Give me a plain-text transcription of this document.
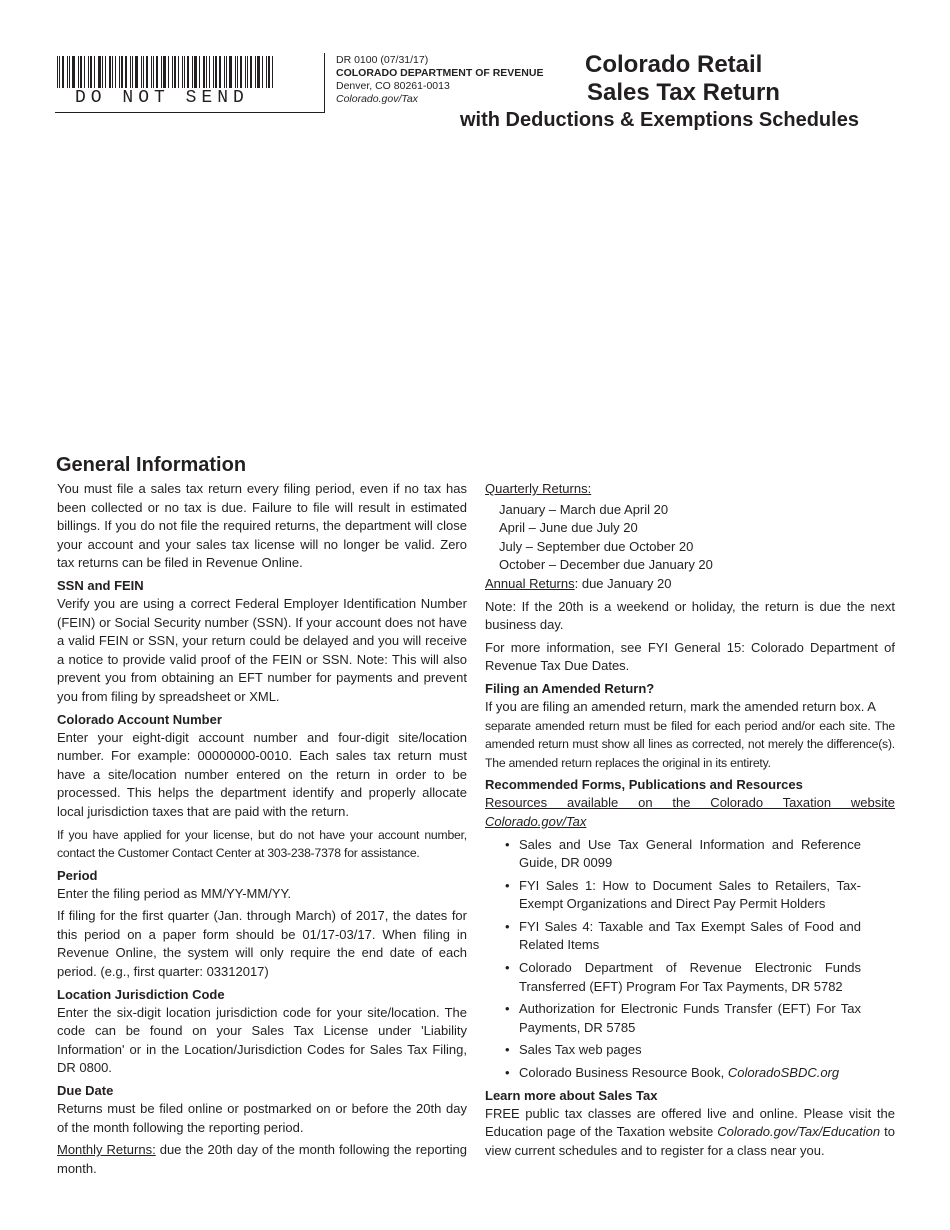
DO NOT SEND
DR 0100 (07/31/17)
COLORADO DEPARTMENT OF REVENUE
Denver, CO 80261-0013
Colorado.gov/Tax
Colorado Retail
Sales Tax Return
with Deductions & Exemptions Schedules
General Information

You must file a sales tax return every filing period, even if no tax has been collected or no tax is due. Failure to file will result in estimated billings. If you do not file the required returns, the department will close your account and your sales tax license will no longer be valid. Zero tax returns can be filed in Revenue Online.

SSN and FEIN

Verify you are using a correct Federal Employer Identification Number (FEIN) or Social Security number (SSN). If your account does not have a valid FEIN or SSN, your return could be delayed and you will receive a notice to provide valid proof of the FEIN or SSN. Note: This will also prevent you from obtaining an EFT number for payments and prevent you from filing by spreadsheet or XML.

Colorado Account Number

Enter your eight-digit account number and four-digit site/location number. For example: 00000000-0010. Each sales tax return must have a site/location number entered on the return in order to be processed. This helps the department identify and properly allocate local jurisdiction taxes that are paid with the return.

If you have applied for your license, but do not have your account number, contact the Customer Contact Center at 303-238-7378 for assistance.

Period

Enter the filing period as MM/YY-MM/YY.

If filing for the first quarter (Jan. through March) of 2017, the dates for this period on a paper form should be 01/17-03/17. When filing in Revenue Online, the system will only require the end date of each period. (e.g., first quarter: 03312017)

Location Jurisdiction Code

Enter the six-digit location jurisdiction code for your site/location. The code can be found on your Sales Tax License under 'Liability Information' or in the Location/Jurisdiction Codes for Sales Tax Filing, DR 0800.

Due Date

Returns must be filed online or postmarked on or before the 20th day of the month following the reporting period.

Monthly Returns: due the 20th day of the month following the reporting month.

Quarterly Returns:

January – March due April 20

April – June due July 20

July – September due October 20

October – December due January 20

Annual Returns: due January 20

Note: If the 20th is a weekend or holiday, the return is due the next business day.

For more information, see FYI General 15: Colorado Department of Revenue Tax Due Dates.

Filing an Amended Return?

If you are filing an amended return, mark the amended return box. A

separate amended return must be filed for each period and/or each site. The amended return must show all lines as corrected, not merely the difference(s). The amended return replaces the original in its entirety.

Recommended Forms, Publications and Resources

Resources available on the Colorado Taxation website

Colorado.gov/Tax

• Sales and Use Tax General Information and Reference Guide, DR 0099
• FYI Sales 1: How to Document Sales to Retailers, Tax-Exempt Organizations and Direct Pay Permit Holders
• FYI Sales 4: Taxable and Tax Exempt Sales of Food and Related Items
• Colorado Department of Revenue Electronic Funds Transferred (EFT) Program For Tax Payments, DR 5782
• Authorization for Electronic Funds Transfer (EFT) For Tax Payments, DR 5785
• Sales Tax web pages
• Colorado Business Resource Book, ColoradoSBDC.org
Learn more about Sales Tax

FREE public tax classes are offered live and online. Please visit the Education page of the Taxation website Colorado.gov/Tax/Education to view current schedules and to register for a class near you.
